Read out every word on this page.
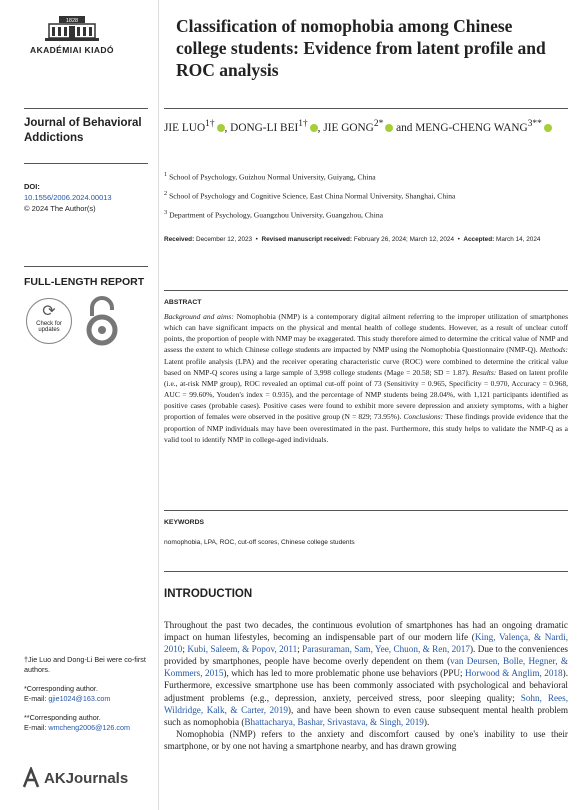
1828
AKADÉMIAI KIADÓ
Journal of Behavioral Addictions
DOI:
10.1556/2006.2024.00013
© 2024 The Author(s)
FULL-LENGTH REPORT
⟳
Check for updates

†Jie Luo and Dong-Li Bei were co-first authors.

*Corresponding author.
E-mail: gjie1024@163.com

**Corresponding author.
E-mail: wmcheng2006@126.com

AKJournals
Classification of nomophobia among Chinese college students: Evidence from latent profile and ROC analysis
JIE $LUO^{1\dagger}$ , DONG-LI $BEI^{1\dagger}$ , JIE $GONG^{2*}$ and MENG-CHENG $WANG^{3**}$
$^1$ School of Psychology, Guizhou Normal University, Guiyang, China
$^2$ School of Psychology and Cognitive Science, East China Normal University, Shanghai, China
$^3$ Department of Psychology, Guangzhou University, Guangzhou, China
Received: December 12, 2023  •  Revised manuscript received: February 26, 2024; March 12, 2024  •  Accepted: March 14, 2024
ABSTRACT
Background and aims: Nomophobia (NMP) is a contemporary digital ailment referring to the improper utilization of smartphones which can have significant impacts on the physical and mental health of college students. However, as a result of unclear cutoff points, the proportion of people with NMP may be exaggerated. This study therefore aimed to determine the critical value of NMP and assess the extent to which Chinese college students are impacted by NMP using the Nomophobia Questionnaire (NMP-Q). Methods: Latent profile analysis (LPA) and the receiver operating characteristic curve (ROC) were combined to determine the critical value based on NMP-Q scores using a large sample of 3,998 college students (Mage = 20.58; SD = 1.87). Results: Based on latent profile (i.e., at-risk NMP group), ROC revealed an optimal cut-off point of 73 (Sensitivity = 0.965, Specificity = 0.970, Accuracy = 0.968, AUC = 99.60%, Youden's index = 0.935), and the percentage of NMP students being 28.04%, with 1,121 participants identified as positive cases (probable cases). Positive cases were found to exhibit more severe depression and anxiety symptoms, with a higher proportion of females were observed in the positive group (N = 829; 73.95%). Conclusions: These findings provide evidence that the proportion of NMP individuals may have been overestimated in the past. Furthermore, this study helps to validate the NMP-Q as a valid tool to identify NMP in college-aged individuals.
KEYWORDS
nomophobia, LPA, ROC, cut-off scores, Chinese college students
INTRODUCTION

Throughout the past two decades, the continuous evolution of smartphones has had an ongoing dramatic impact on human lifestyles, becoming an indispensable part of our modern life (King, Valença, & Nardi, 2010; Kubi, Saleem, & Popov, 2011; Parasuraman, Sam, Yee, Chuon, & Ren, 2017). Due to the conveniences provided by smartphones, people have become overly dependent on them (van Deursen, Bolle, Hegner, & Kommers, 2015), which has led to more problematic phone use behaviors (PPU; Horwood & Anglim, 2018). Furthermore, excessive smartphone use has been commonly associated with psychological and behavioral adjustment problems (e.g., depression, anxiety, perceived stress, poor sleeping quality; Sohn, Rees, Wildridge, Kalk, & Carter, 2019), and have been shown to even cause subsequent mental health problem such as nomophobia (Bhattacharya, Bashar, Srivastava, & Singh, 2019).

Nomophobia (NMP) refers to the anxiety and discomfort caused by one's inability to use their smartphone, or by one not having a smartphone nearby, and has drawn growing
